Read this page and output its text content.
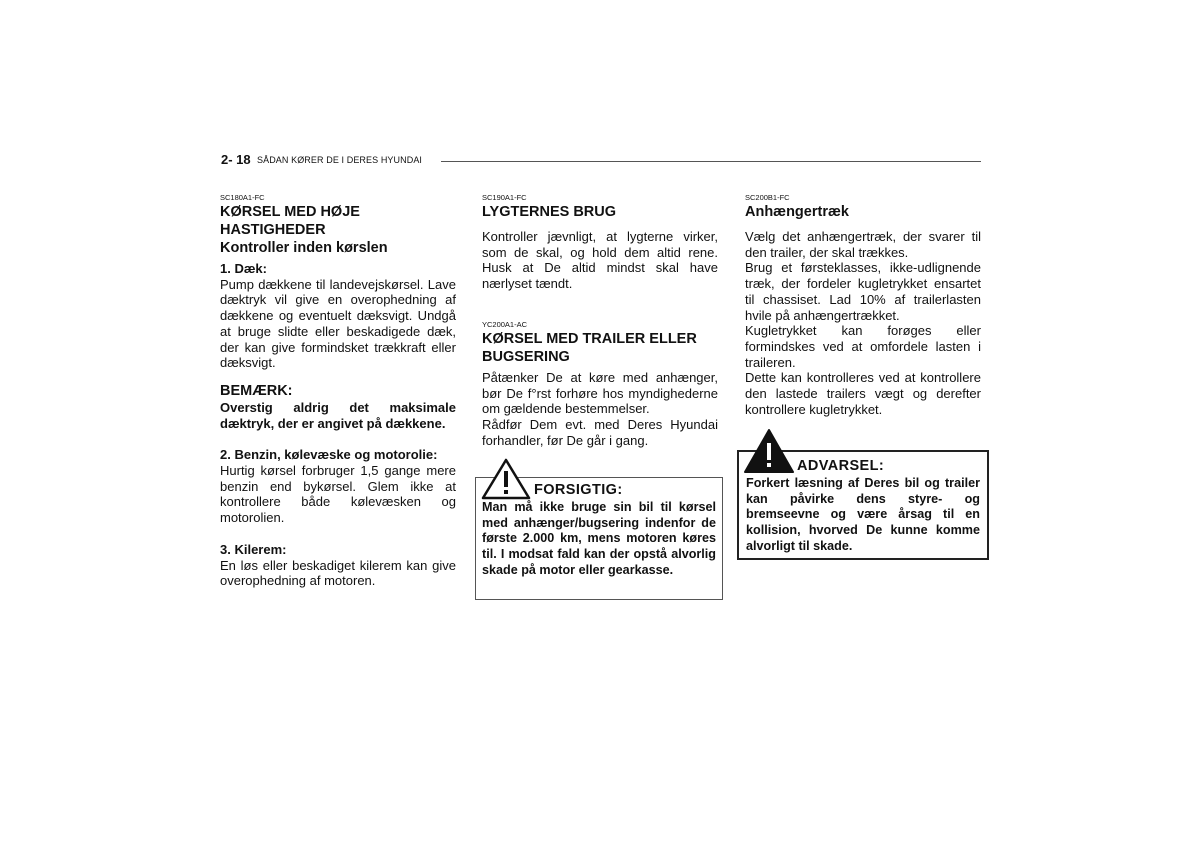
2- 18 SÅDAN KØRER DE I DERES HYUNDAI
SC180A1-FC
KØRSEL MED HØJE
HASTIGHEDER
Kontroller inden kørslen
1. Dæk:

Pump dækkene til landevejskørsel. Lave dæktryk vil give en overophedning af dækkene og eventuelt dæksvigt. Undgå at bruge slidte eller beskadigede dæk, der kan give formindsket trækkraft eller dæksvigt.

BEMÆRK:

Overstig aldrig det maksimale dæktryk, der er angivet på dækkene.

2. Benzin, kølevæske og motorolie:

Hurtig kørsel forbruger 1,5 gange mere benzin end bykørsel. Glem ikke at kontrollere både kølevæsken og motorolien.

3. Kilerem:

En løs eller beskadiget kilerem kan give overophedning af motoren.

SC190A1-FC
LYGTERNES BRUG

Kontroller jævnligt, at lygterne virker, som de skal, og hold dem altid rene. Husk at De altid mindst skal have nærlyset tændt.

YC200A1-AC
KØRSEL MED TRAILER ELLER
BUGSERING

Påtænker De at køre med anhænger, bør De f°rst forhøre hos myndighederne om gældende bestemmelser.

Rådfør Dem evt. med Deres Hyundai forhandler, før De går i gang.

FORSIGTIG:
Man må ikke bruge sin bil til kørsel med anhænger/bugsering indenfor de første 2.000 km, mens motoren køres til. I modsat fald kan der opstå alvorlig skade på motor eller gearkasse.
SC200B1-FC
Anhængertræk

Vælg det anhængertræk, der svarer til den trailer, der skal trækkes.

Brug et førsteklasses, ikke-udlignende træk, der fordeler kugletrykket ensartet til chassiset. Lad 10% af trailerlasten hvile på anhængertrækket.

Kugletrykket kan forøges eller formindskes ved at omfordele lasten i traileren.

Dette kan kontrolleres ved at kontrollere den lastede trailers vægt og derefter kontrollere kugletrykket.

ADVARSEL:
Forkert læsning af Deres bil og trailer kan påvirke dens styre- og bremseevne og være årsag til en kollision, hvorved De kunne komme alvorligt til skade.
